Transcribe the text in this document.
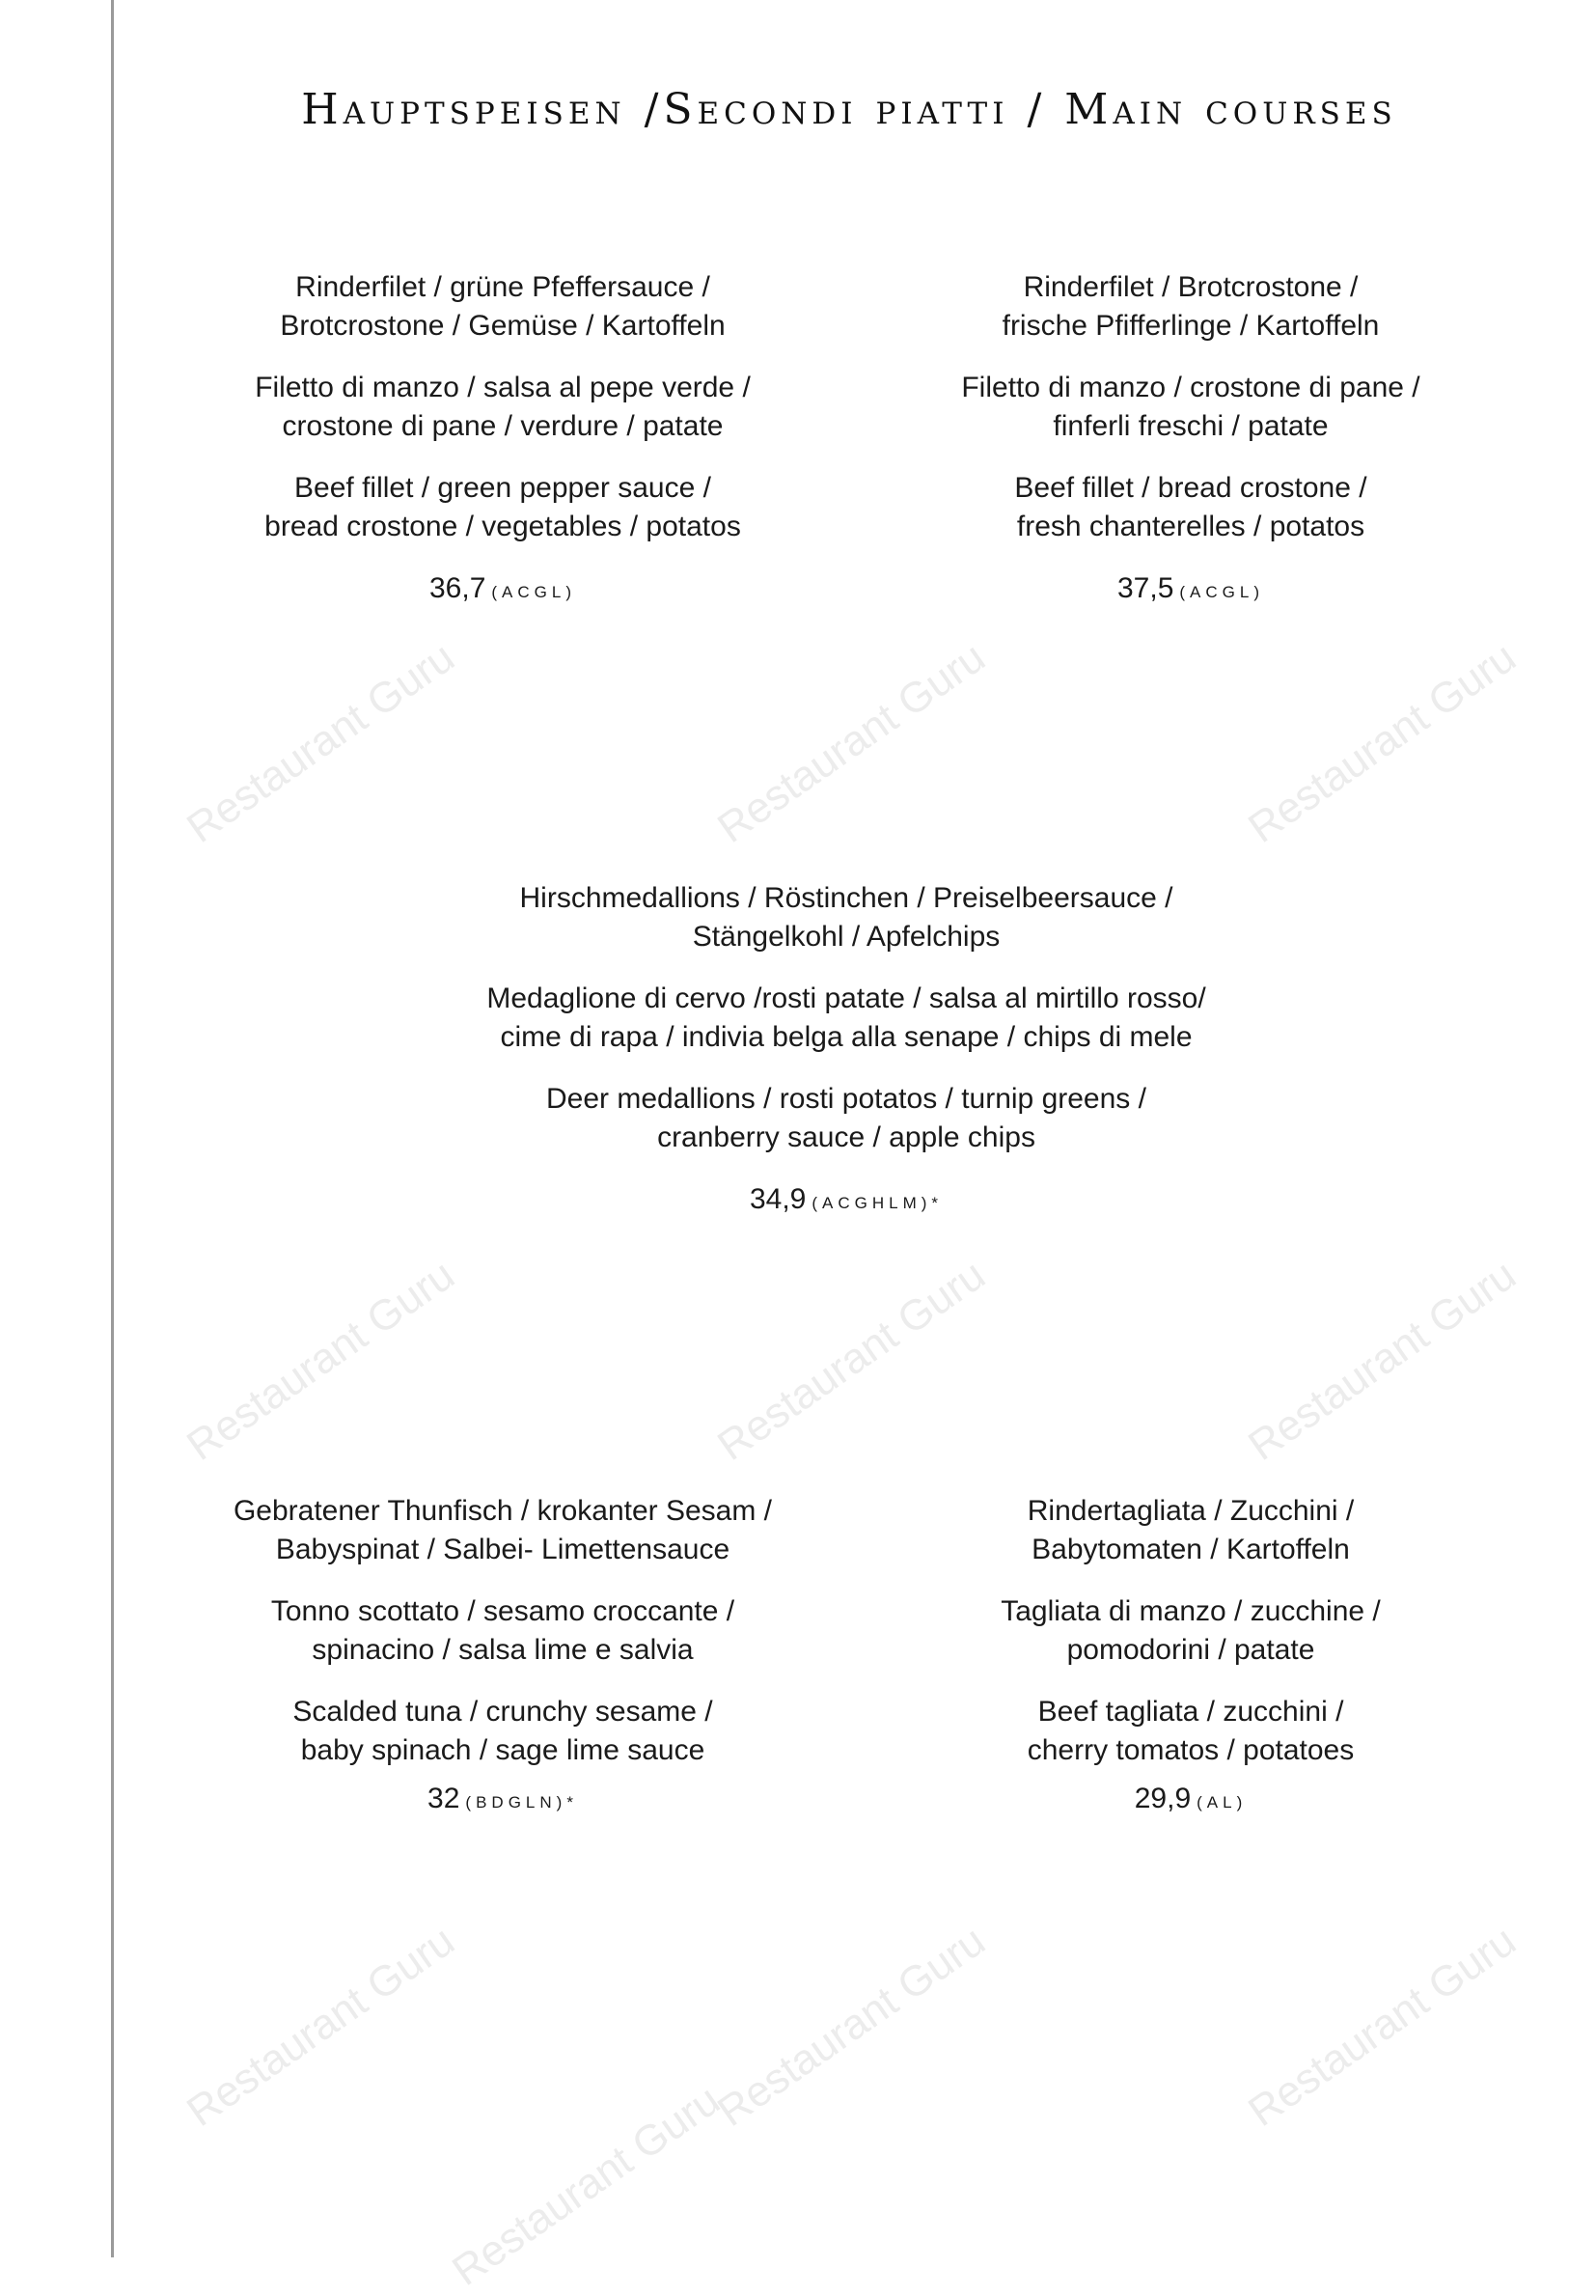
Restaurant Guru	Restaurant Guru	Restaurant Guru
Restaurant Guru	Restaurant Guru	Restaurant Guru
Restaurant Guru	Restaurant Guru	Restaurant Guru
Restaurant Guru
Hauptspeisen /Secondi piatti / Main courses

Rinderfilet / grüne Pfeffersauce /
Brotcrostone / Gemüse / Kartoffeln

Filetto di manzo / salsa al pepe verde /
crostone di pane / verdure / patate

Beef fillet / green pepper sauce /
bread crostone / vegetables / potatos

36,7 (ACGL)

Rinderfilet / Brotcrostone /
frische Pfifferlinge / Kartoffeln

Filetto di manzo / crostone di pane /
finferli freschi / patate

Beef fillet / bread crostone /
fresh chanterelles / potatos

37,5 (ACGL)

Hirschmedallions / Röstinchen / Preiselbeersauce /
Stängelkohl / Apfelchips

Medaglione di cervo /rosti patate / salsa al mirtillo rosso/
cime di rapa / indivia belga alla senape / chips di mele

Deer medallions / rosti potatos / turnip greens /
cranberry sauce / apple chips

34,9 (ACGHLM)*

Gebratener Thunfisch / krokanter Sesam /
Babyspinat / Salbei- Limettensauce

Tonno scottato / sesamo croccante /
spinacino / salsa lime e salvia

Scalded tuna / crunchy sesame /
baby spinach / sage lime sauce

32 (BDGLN)*

Rindertagliata / Zucchini /
Babytomaten / Kartoffeln

Tagliata di manzo / zucchine /
pomodorini / patate

Beef tagliata / zucchini /
cherry tomatos / potatoes

29,9 (AL)
